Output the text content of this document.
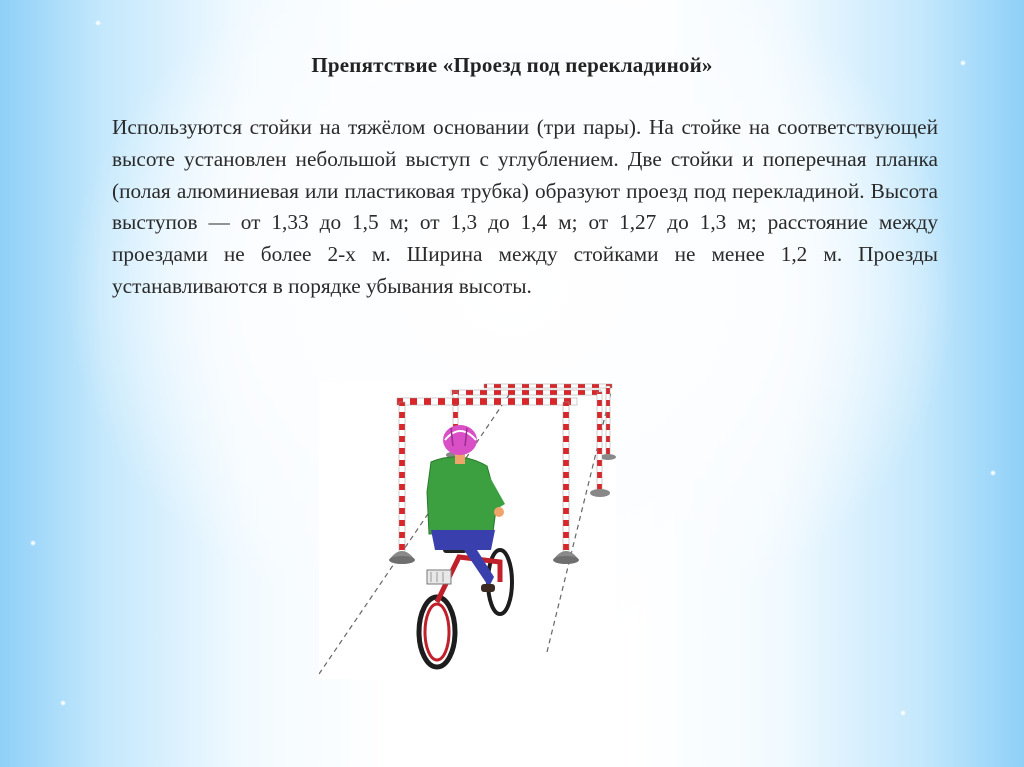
Препятствие «Проезд под перекладиной»

Используются стойки на тяжёлом основании (три пары). На стойке на соответствующей высоте установлен небольшой выступ с углублением. Две стойки и поперечная планка (полая алюминиевая или пластиковая трубка) образуют проезд под перекладиной. Высота выступов — от 1,33 до 1,5 м; от 1,3 до 1,4 м; от 1,27 до 1,3 м; расстояние между проездами не более 2-х м. Ширина между стойками не менее 1,2 м. Проезды устанавливаются в порядке убывания высоты.
